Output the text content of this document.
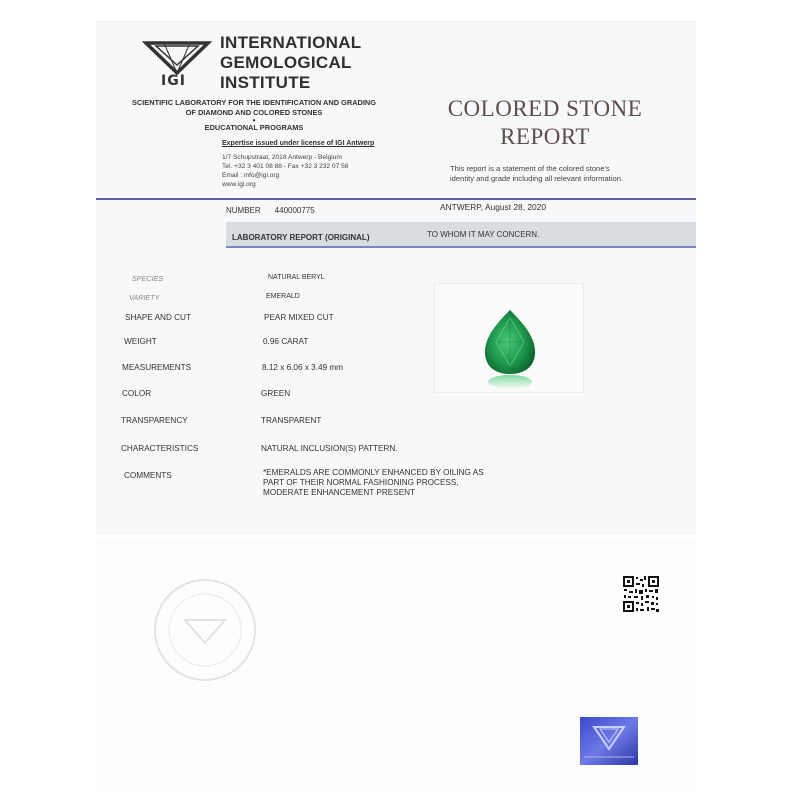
IGI
INTERNATIONAL
GEMOLOGICAL
INSTITUTE
SCIENTIFIC LABORATORY FOR THE IDENTIFICATION AND GRADING
OF DIAMOND AND COLORED STONES
•
EDUCATIONAL PROGRAMS
Expertise issued under license of IGI Antwerp
1/7 Schupstraat, 2018 Antwerp - Belgium
Tel. +32 3 401 08 88 - Fax +32 3 232 07 58
Email : info@igi.org
www.igi.org
COLORED STONE
REPORT
This report is a statement of the colored stone's
identity and grade including all relevant information.
NUMBER 440000775	ANTWERP, August 28, 2020
LABORATORY REPORT (ORIGINAL)	TO WHOM IT MAY CONCERN.
SPECIES
VARIETY
SHAPE AND CUT
WEIGHT
MEASUREMENTS
COLOR
TRANSPARENCY
CHARACTERISTICS
COMMENTS
NATURAL BERYL
EMERALD
PEAR MIXED CUT
0.96 CARAT
8.12 x 6.06 x 3.49 mm
GREEN
TRANSPARENT
NATURAL INCLUSION(S) PATTERN.
*EMERALDS ARE COMMONLY ENHANCED BY OILING AS
PART OF THEIR NORMAL FASHIONING PROCESS,
MODERATE ENHANCEMENT PRESENT
